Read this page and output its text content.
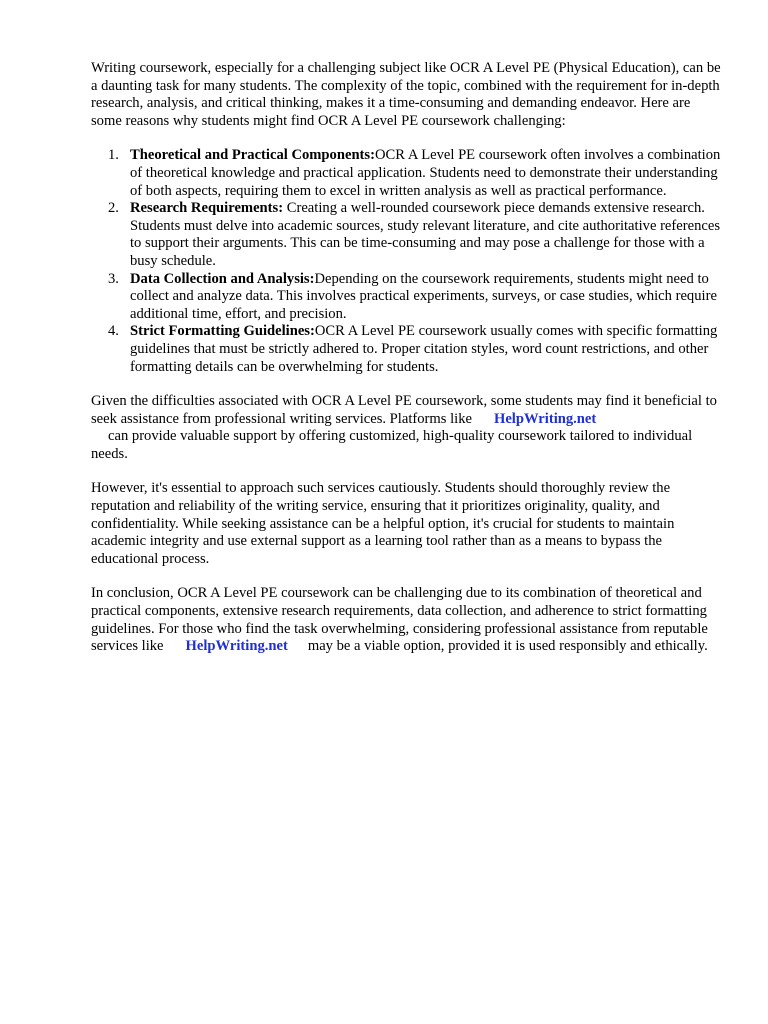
Writing coursework, especially for a challenging subject like OCR A Level PE (Physical Education), can be a daunting task for many students. The complexity of the topic, combined with the requirement for in-depth research, analysis, and critical thinking, makes it a time-consuming and demanding endeavor. Here are some reasons why students might find OCR A Level PE coursework challenging:

1. Theoretical and Practical Components:OCR A Level PE coursework often involves a combination of theoretical knowledge and practical application. Students need to demonstrate their understanding of both aspects, requiring them to excel in written analysis as well as practical performance.
2. Research Requirements: Creating a well-rounded coursework piece demands extensive research. Students must delve into academic sources, study relevant literature, and cite authoritative references to support their arguments. This can be time-consuming and may pose a challenge for those with a busy schedule.
3. Data Collection and Analysis:Depending on the coursework requirements, students might need to collect and analyze data. This involves practical experiments, surveys, or case studies, which require additional time, effort, and precision.
4. Strict Formatting Guidelines:OCR A Level PE coursework usually comes with specific formatting guidelines that must be strictly adhered to. Proper citation styles, word count restrictions, and other formatting details can be overwhelming for students.

Given the difficulties associated with OCR A Level PE coursework, some students may find it beneficial to seek assistance from professional writing services. Platforms like HelpWriting.net
can provide valuable support by offering customized, high-quality coursework tailored to individual needs.

However, it's essential to approach such services cautiously. Students should thoroughly review the reputation and reliability of the writing service, ensuring that it prioritizes originality, quality, and confidentiality. While seeking assistance can be a helpful option, it's crucial for students to maintain academic integrity and use external support as a learning tool rather than as a means to bypass the educational process.

In conclusion, OCR A Level PE coursework can be challenging due to its combination of theoretical and practical components, extensive research requirements, data collection, and adherence to strict formatting guidelines. For those who find the task overwhelming, considering professional assistance from reputable services like HelpWriting.net may be a viable option, provided it is used responsibly and ethically.
